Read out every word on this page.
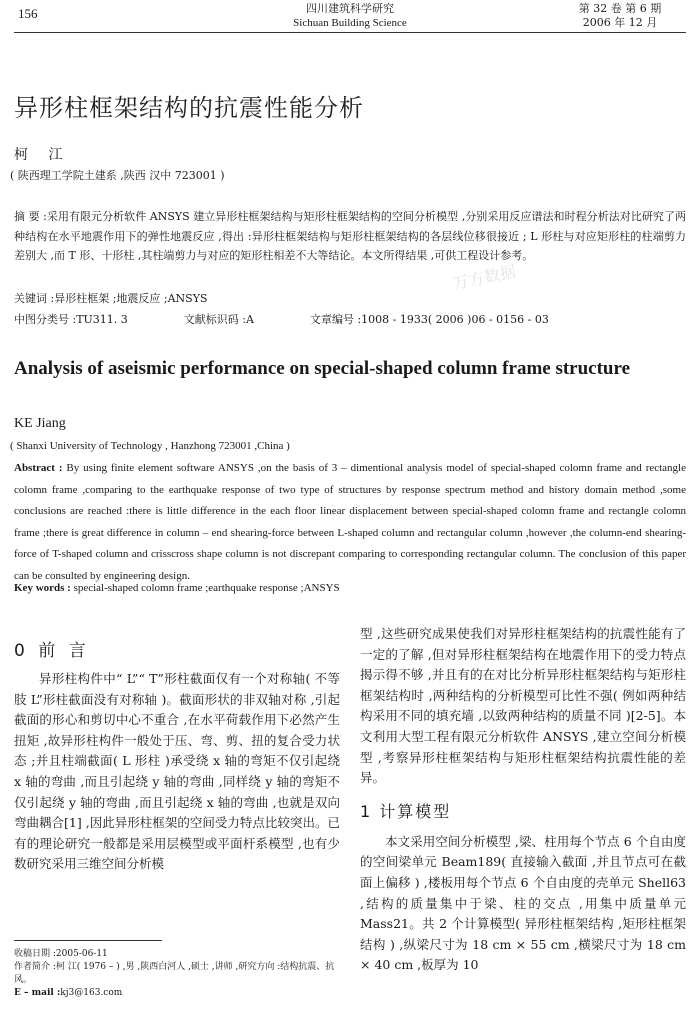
156	四川建筑科学研究
Sichuan Building Science
第 32 卷 第 6 期
2006 年 12 月
异形柱框架结构的抗震性能分析
柯 江
( 陕西理工学院土建系 ,陕西 汉中 723001 )
摘 要 :采用有限元分析软件 ANSYS 建立异形柱框架结构与矩形柱框架结构的空间分析模型 ,分别采用反应谱法和时程分析法对比研究了两种结构在水平地震作用下的弹性地震反应 ,得出 :异形柱框架结构与矩形柱框架结构的各层线位移很接近 ; L 形柱与对应矩形柱的柱端剪力差别大 ,而 T 形、十形柱 ,其柱端剪力与对应的矩形柱相差不大等结论。本文所得结果 ,可供工程设计参考。
关键词 :异形柱框架 ;地震反应 ;ANSYS
中图分类号 :TU311. 3	文献标识码 :A	文章编号 :1008 - 1933( 2006 )06 - 0156 - 03
万方数据
Analysis of aseismic performance on special-shaped column frame structure
KE Jiang
( Shanxi University of Technology , Hanzhong 723001 ,China )
Abstract : By using finite element software ANSYS ,on the basis of 3 – dimentional analysis model of special-shaped colomn frame and rectangle colomn frame ,comparing to the earthquake response of two type of structures by response spectrum method and history domain method ,some conclusions are reached :there is little difference in the each floor linear displacement between special-shaped colomn frame and rectangle colomn frame ;there is great difference in column – end shearing-force between L-shaped column and rectangular column ,however ,the column-end shearing-force of T-shaped column and crisscross shape column is not discrepant comparing to corresponding rectangular column. The conclusion of this paper can be consulted by engineering design.
Key words : special-shaped colomn frame ;earthquake response ;ANSYS
0 前 言

异形柱构件中“ L”“ T”形柱截面仅有一个对称轴( 不等肢 L”形柱截面没有对称轴 )。截面形状的非双轴对称 ,引起截面的形心和剪切中心不重合 ,在水平荷载作用下必然产生扭矩 ,故异形柱构件一般处于压、弯、剪、扭的复合受力状态 ;并且柱端截面( L 形柱 )承受绕 x 轴的弯矩不仅引起绕 x 轴的弯曲 ,而且引起绕 y 轴的弯曲 ,同样绕 y 轴的弯矩不仅引起绕 y 轴的弯曲 ,而且引起绕 x 轴的弯曲 ,也就是双向弯曲耦合[1] ,因此异形柱框架的空间受力特点比较突出。已有的理论研究一般都是采用层模型或平面杆系模型 ,也有少数研究采用三维空间分析模

型 ,这些研究成果使我们对异形柱框架结构的抗震性能有了一定的了解 ,但对异形柱框架结构在地震作用下的受力特点揭示得不够 ,并且有的在对比分析异形柱框架结构与矩形柱框架结构时 ,两种结构的分析模型可比性不强( 例如两种结构采用不同的填充墙 ,以致两种结构的质量不同 )[2-5]。本文利用大型工程有限元分析软件 ANSYS ,建立空间分析模型 ,考察异形柱框架结构与矩形柱框架结构抗震性能的差异。

1 计算模型

本文采用空间分析模型 ,梁、柱用每个节点 6 个自由度的空间梁单元 Beam189( 直接输入截面 ,并且节点可在截面上偏移 ) ,楼板用每个节点 6 个自由度的壳单元 Shell63 ,结构的质量集中于梁、柱的交点 ,用集中质量单元 Mass21。共 2 个计算模型( 异形柱框架结构 ,矩形柱框架结构 ) ,纵梁尺寸为 18 cm × 55 cm ,横梁尺寸为 18 cm × 40 cm ,板厚为 10

收稿日期 :2005-06-11
作者简介 :柯 江( 1976 – ) ,男 ,陕西白河人 ,硕士 ,讲师 ,研究方向 :结构抗震、抗风。
E – mail :kj3@163.com
